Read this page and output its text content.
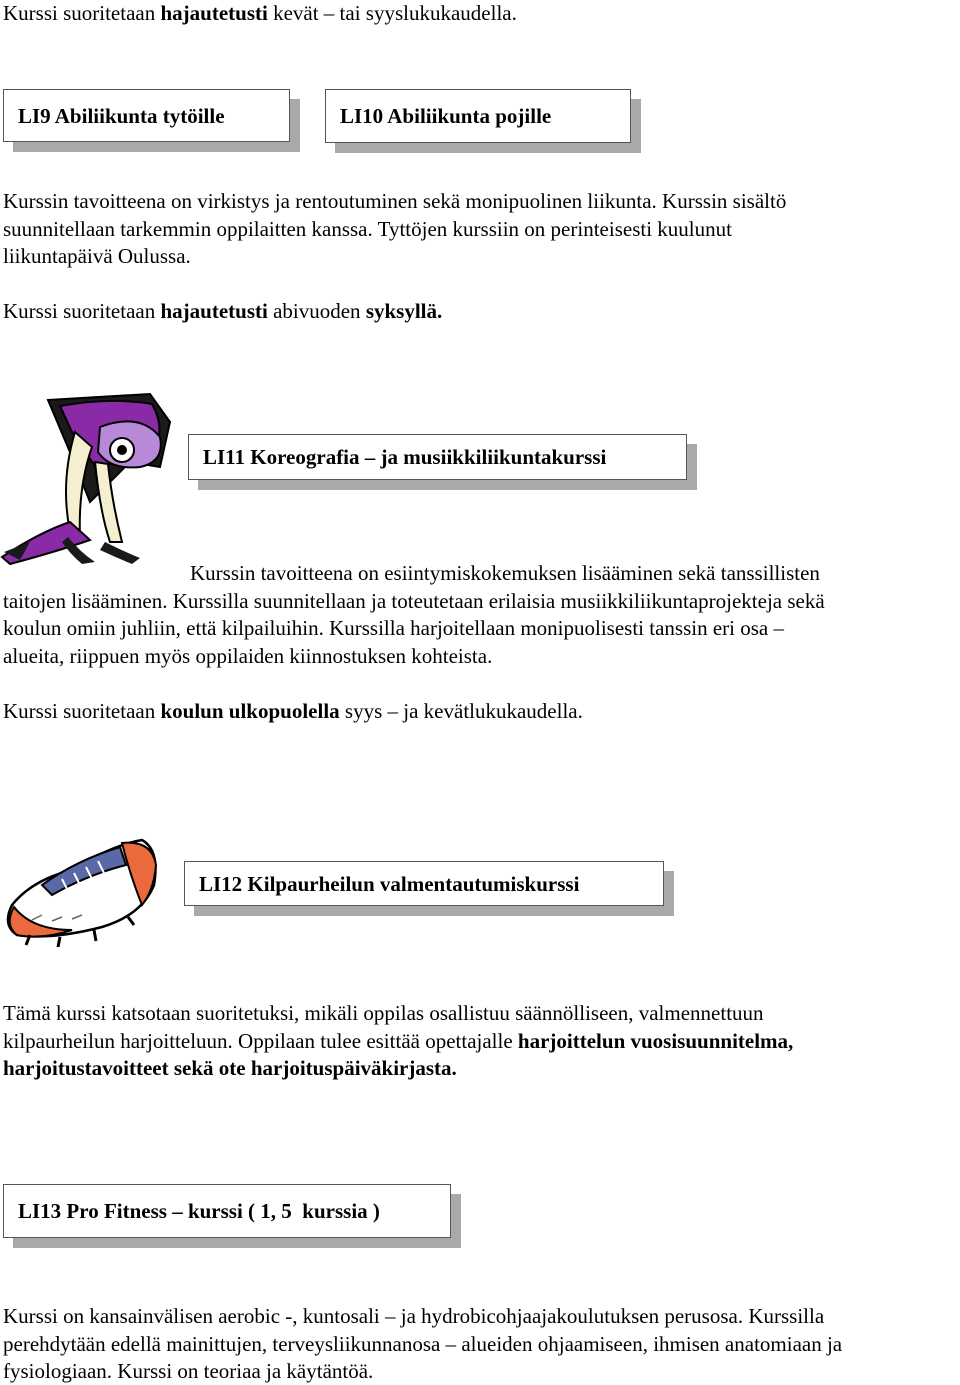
Kurssi suoritetaan hajautetusti kevät – tai syyslukukaudella.
LI9 Abiliikunta tytöille	LI10 Abiliikunta pojille
Kurssin tavoitteena on virkistys ja rentoutuminen sekä monipuolinen liikunta. Kurssin sisältö
suunnitellaan tarkemmin oppilaitten kanssa. Tyttöjen kurssiin on perinteisesti kuulunut
liikuntapäivä Oulussa.
Kurssi suoritetaan hajautetusti abivuoden syksyllä.
LI11 Koreografia – ja musiikkiliikuntakurssi
Kurssin tavoitteena on esiintymiskokemuksen lisääminen sekä tanssillisten
taitojen lisääminen. Kurssilla suunnitellaan ja toteutetaan erilaisia musiikkiliikuntaprojekteja sekä
koulun omiin juhliin, että kilpailuihin. Kurssilla harjoitellaan monipuolisesti tanssin eri osa –
alueita, riippuen myös oppilaiden kiinnostuksen kohteista.
Kurssi suoritetaan koulun ulkopuolella syys – ja kevätlukukaudella.
LI12 Kilpaurheilun valmentautumiskurssi
Tämä kurssi katsotaan suoritetuksi, mikäli oppilas osallistuu säännölliseen, valmennettuun
kilpaurheilun harjoitteluun. Oppilaan tulee esittää opettajalle harjoittelun vuosisuunnitelma,
harjoitustavoitteet sekä ote harjoituspäiväkirjasta.
LI13 Pro Fitness – kurssi ( 1, 5  kurssia )
Kurssi on kansainvälisen aerobic -, kuntosali – ja hydrobicohjaajakoulutuksen perusosa. Kurssilla
perehdytään edellä mainittujen, terveysliikunnanosa – alueiden ohjaamiseen, ihmisen anatomiaan ja
fysiologiaan. Kurssi on teoriaa ja käytäntöä.
